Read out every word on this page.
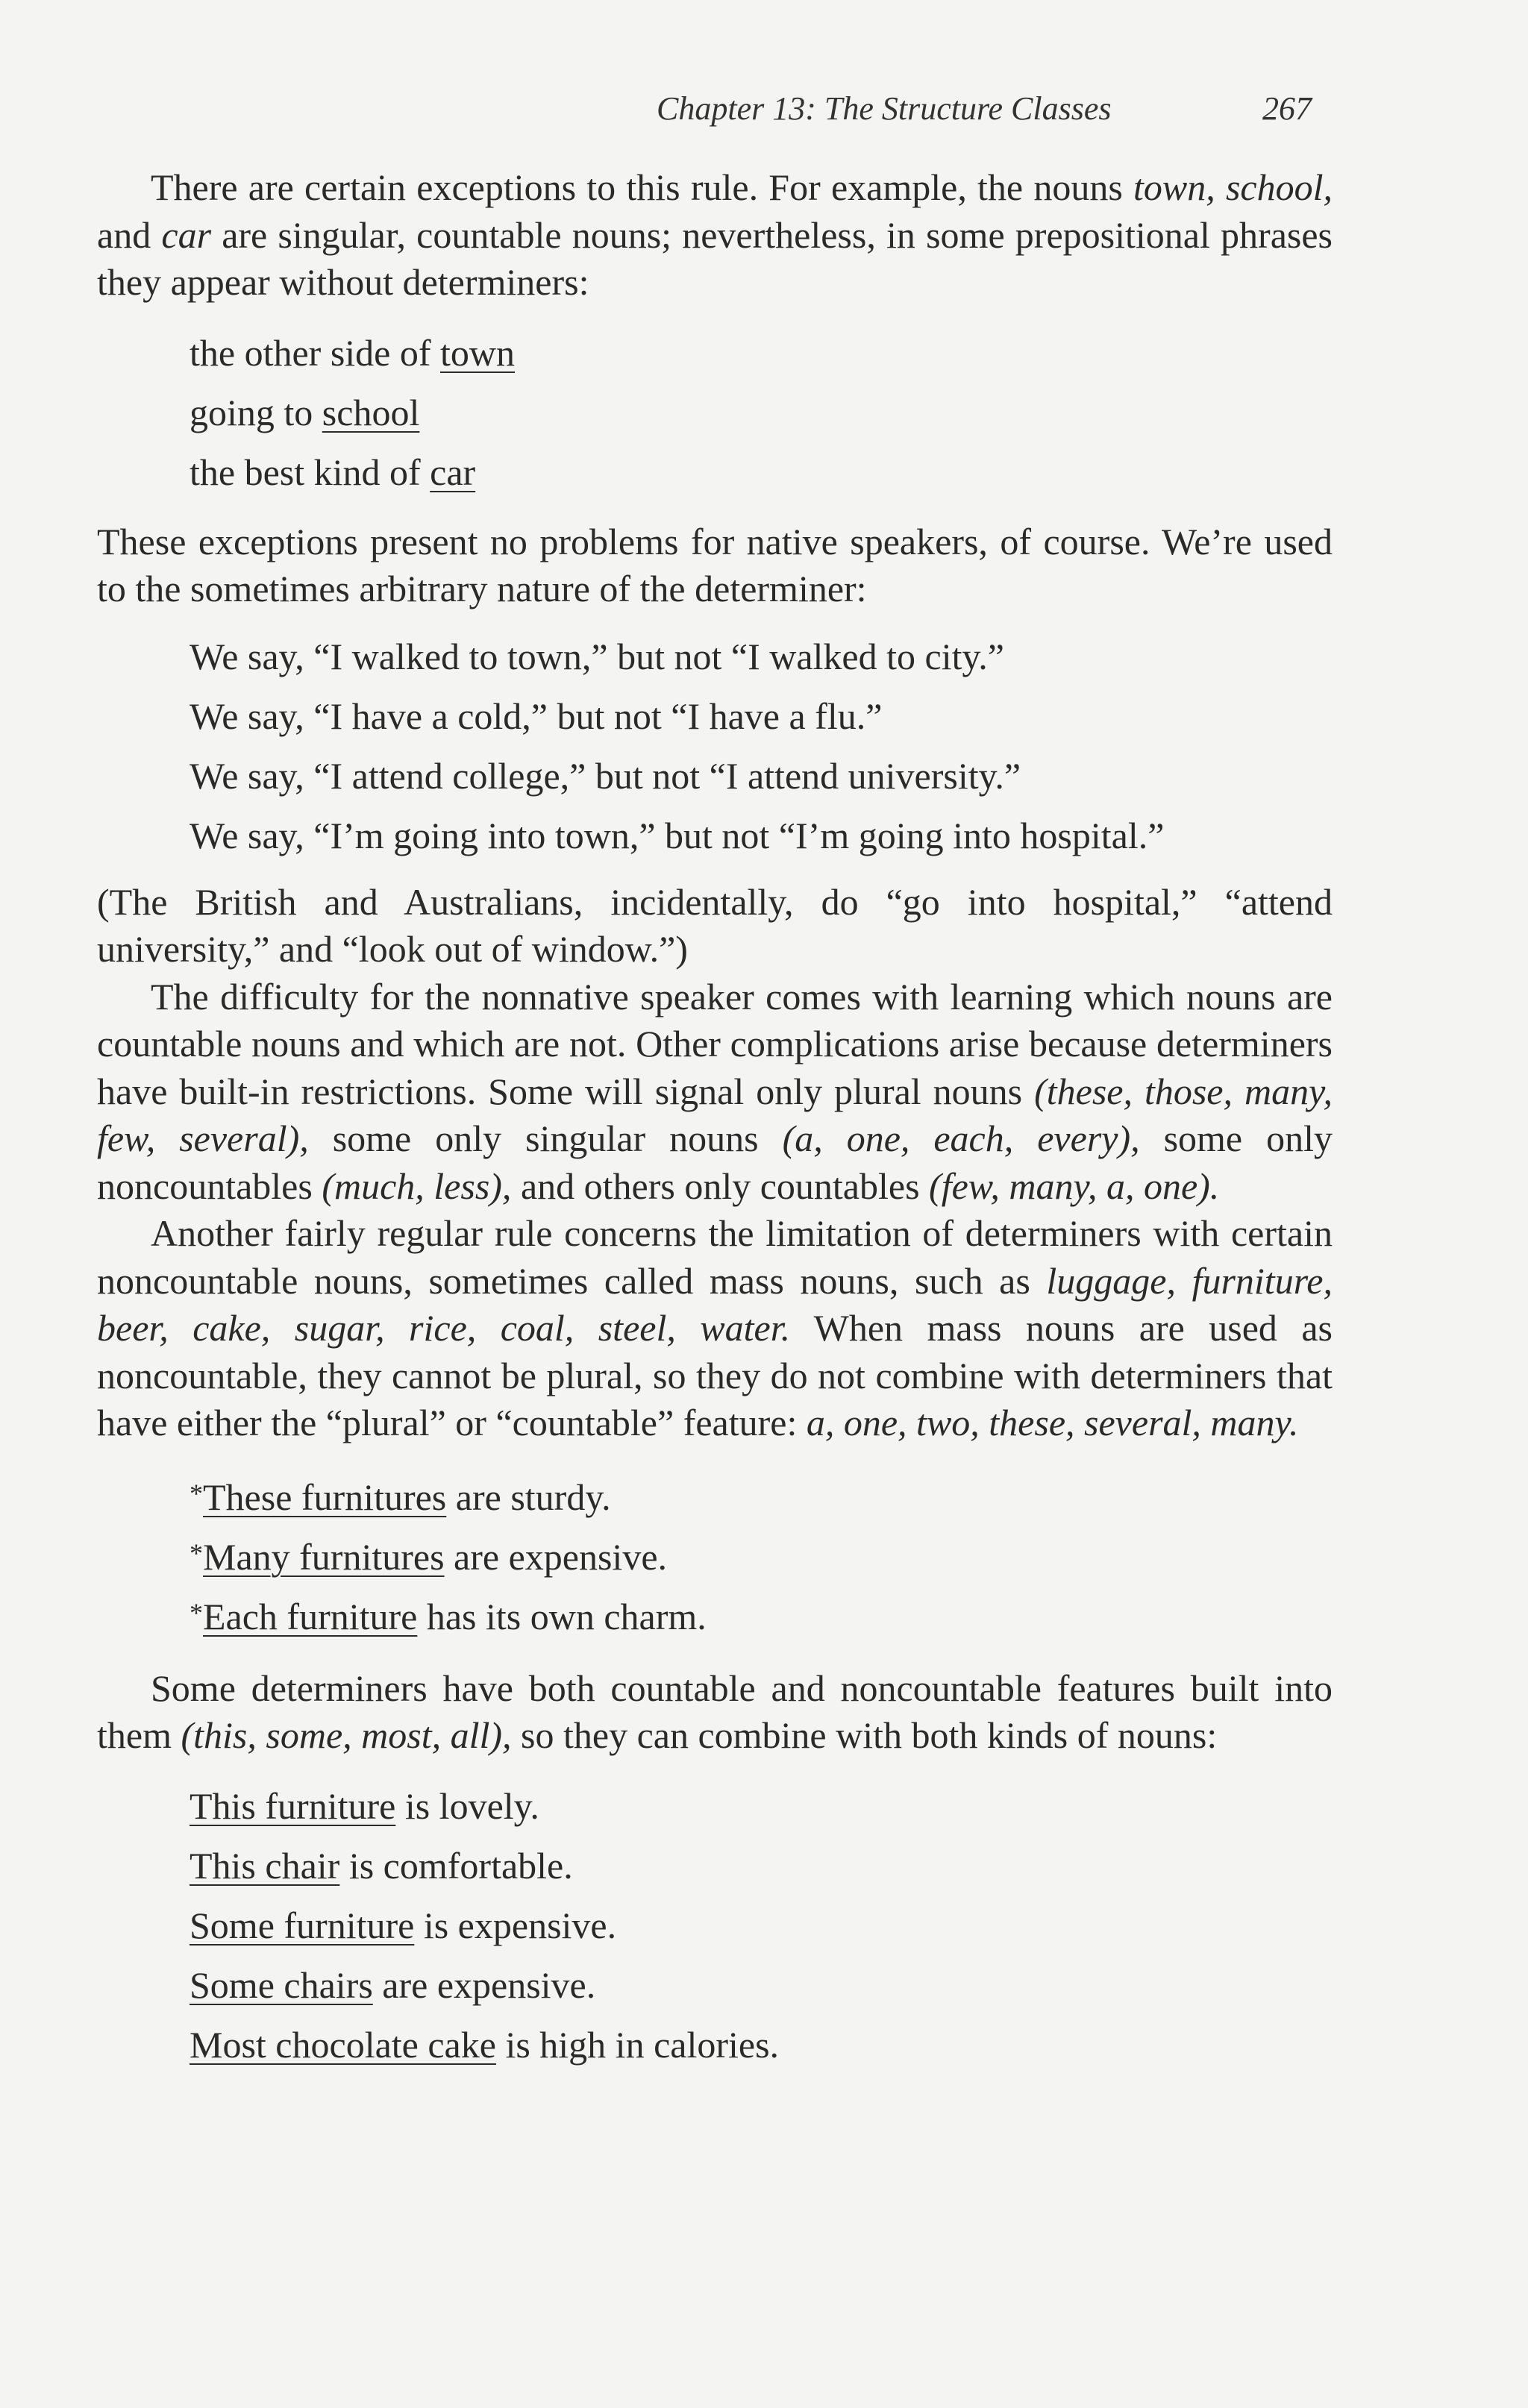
Chapter 13: The Structure Classes	267

There are certain exceptions to this rule. For example, the nouns town, school, and car are singular, countable nouns; nevertheless, in some prepositional phrases they appear without determiners:

the other side of town
going to school
the best kind of car

These exceptions present no problems for native speakers, of course. We’re used to the sometimes arbitrary nature of the determiner:

We say, “I walked to town,” but not “I walked to city.”
We say, “I have a cold,” but not “I have a flu.”
We say, “I attend college,” but not “I attend university.”
We say, “I’m going into town,” but not “I’m going into hospital.”

(The British and Australians, incidentally, do “go into hospital,” “attend university,” and “look out of window.”)

The difficulty for the nonnative speaker comes with learning which nouns are countable nouns and which are not. Other complications arise because determiners have built-in restrictions. Some will signal only plural nouns (these, those, many, few, several), some only singular nouns (a, one, each, every), some only noncountables (much, less), and others only countables (few, many, a, one).

Another fairly regular rule concerns the limitation of determiners with certain noncountable nouns, sometimes called mass nouns, such as luggage, furniture, beer, cake, sugar, rice, coal, steel, water. When mass nouns are used as noncountable, they cannot be plural, so they do not combine with determiners that have either the “plural” or “countable” feature: a, one, two, these, several, many.

*These furnitures are sturdy.
*Many furnitures are expensive.
*Each furniture has its own charm.

Some determiners have both countable and noncountable features built into them (this, some, most, all), so they can combine with both kinds of nouns:

This furniture is lovely.
This chair is comfortable.
Some furniture is expensive.
Some chairs are expensive.
Most chocolate cake is high in calories.
